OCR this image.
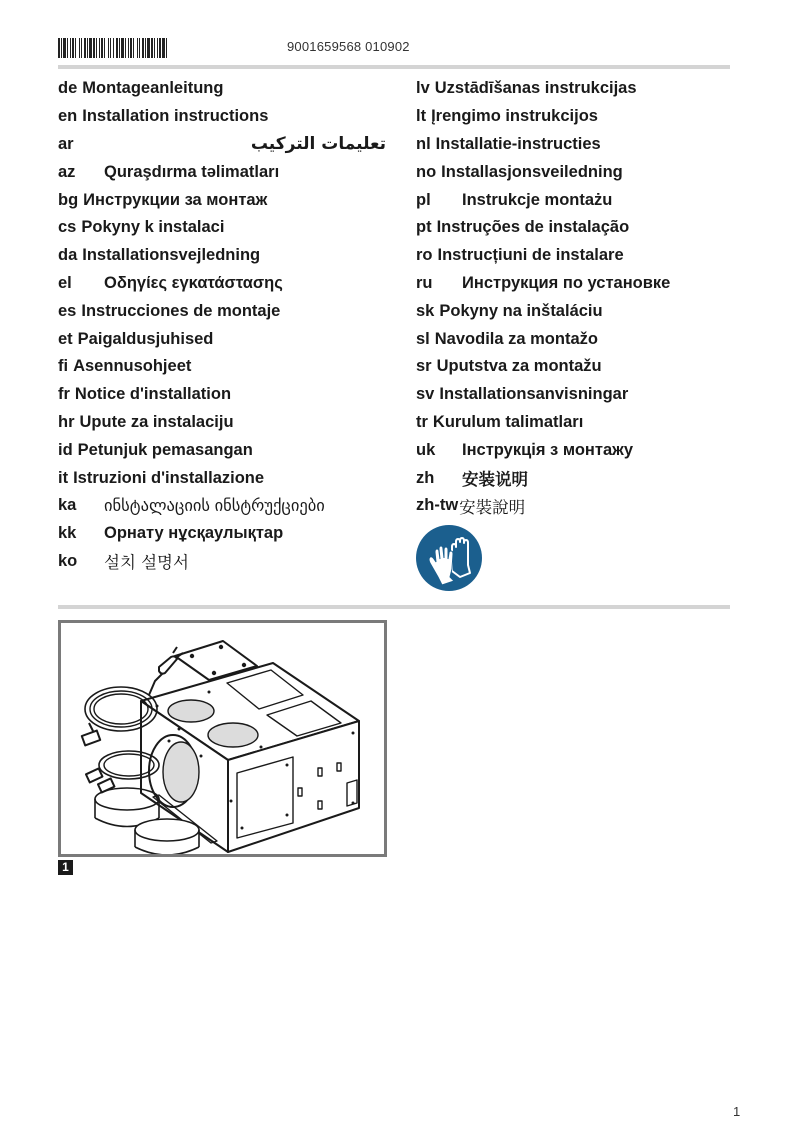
9001659568 010902
de Montageanleitung
en Installation instructions
ar	تعليمات التركيب
az	Quraşdırma təlimatları
bg Инструкции за монтаж
cs Pokyny k instalaci
da Installationsvejledning
el	Οδηγίες εγκατάστασης
es Instrucciones de montaje
et Paigaldusjuhised
fi Asennusohjeet
fr Notice d'installation
hr Upute za instalaciju
id Petunjuk pemasangan
it Istruzioni d'installazione
ka	ინსტალაციის ინსტრუქციები
kk	Орнату нұсқаулықтар
ko	설치 설명서
lv Uzstādīšanas instrukcijas
lt Įrengimo instrukcijos
nl Installatie-instructies
no Installasjonsveiledning
pl	Instrukcje montażu
pt Instruções de instalação
ro Instrucțiuni de instalare
ru	Инструкция по установке
sk Pokyny na inštaláciu
sl Navodila za montažo
sr Uputstva za montažu
sv Installationsanvisningar
tr Kurulum talimatları
uk	Інструкція з монтажу
zh	安装说明
zh-tw 安裝說明
1
1
